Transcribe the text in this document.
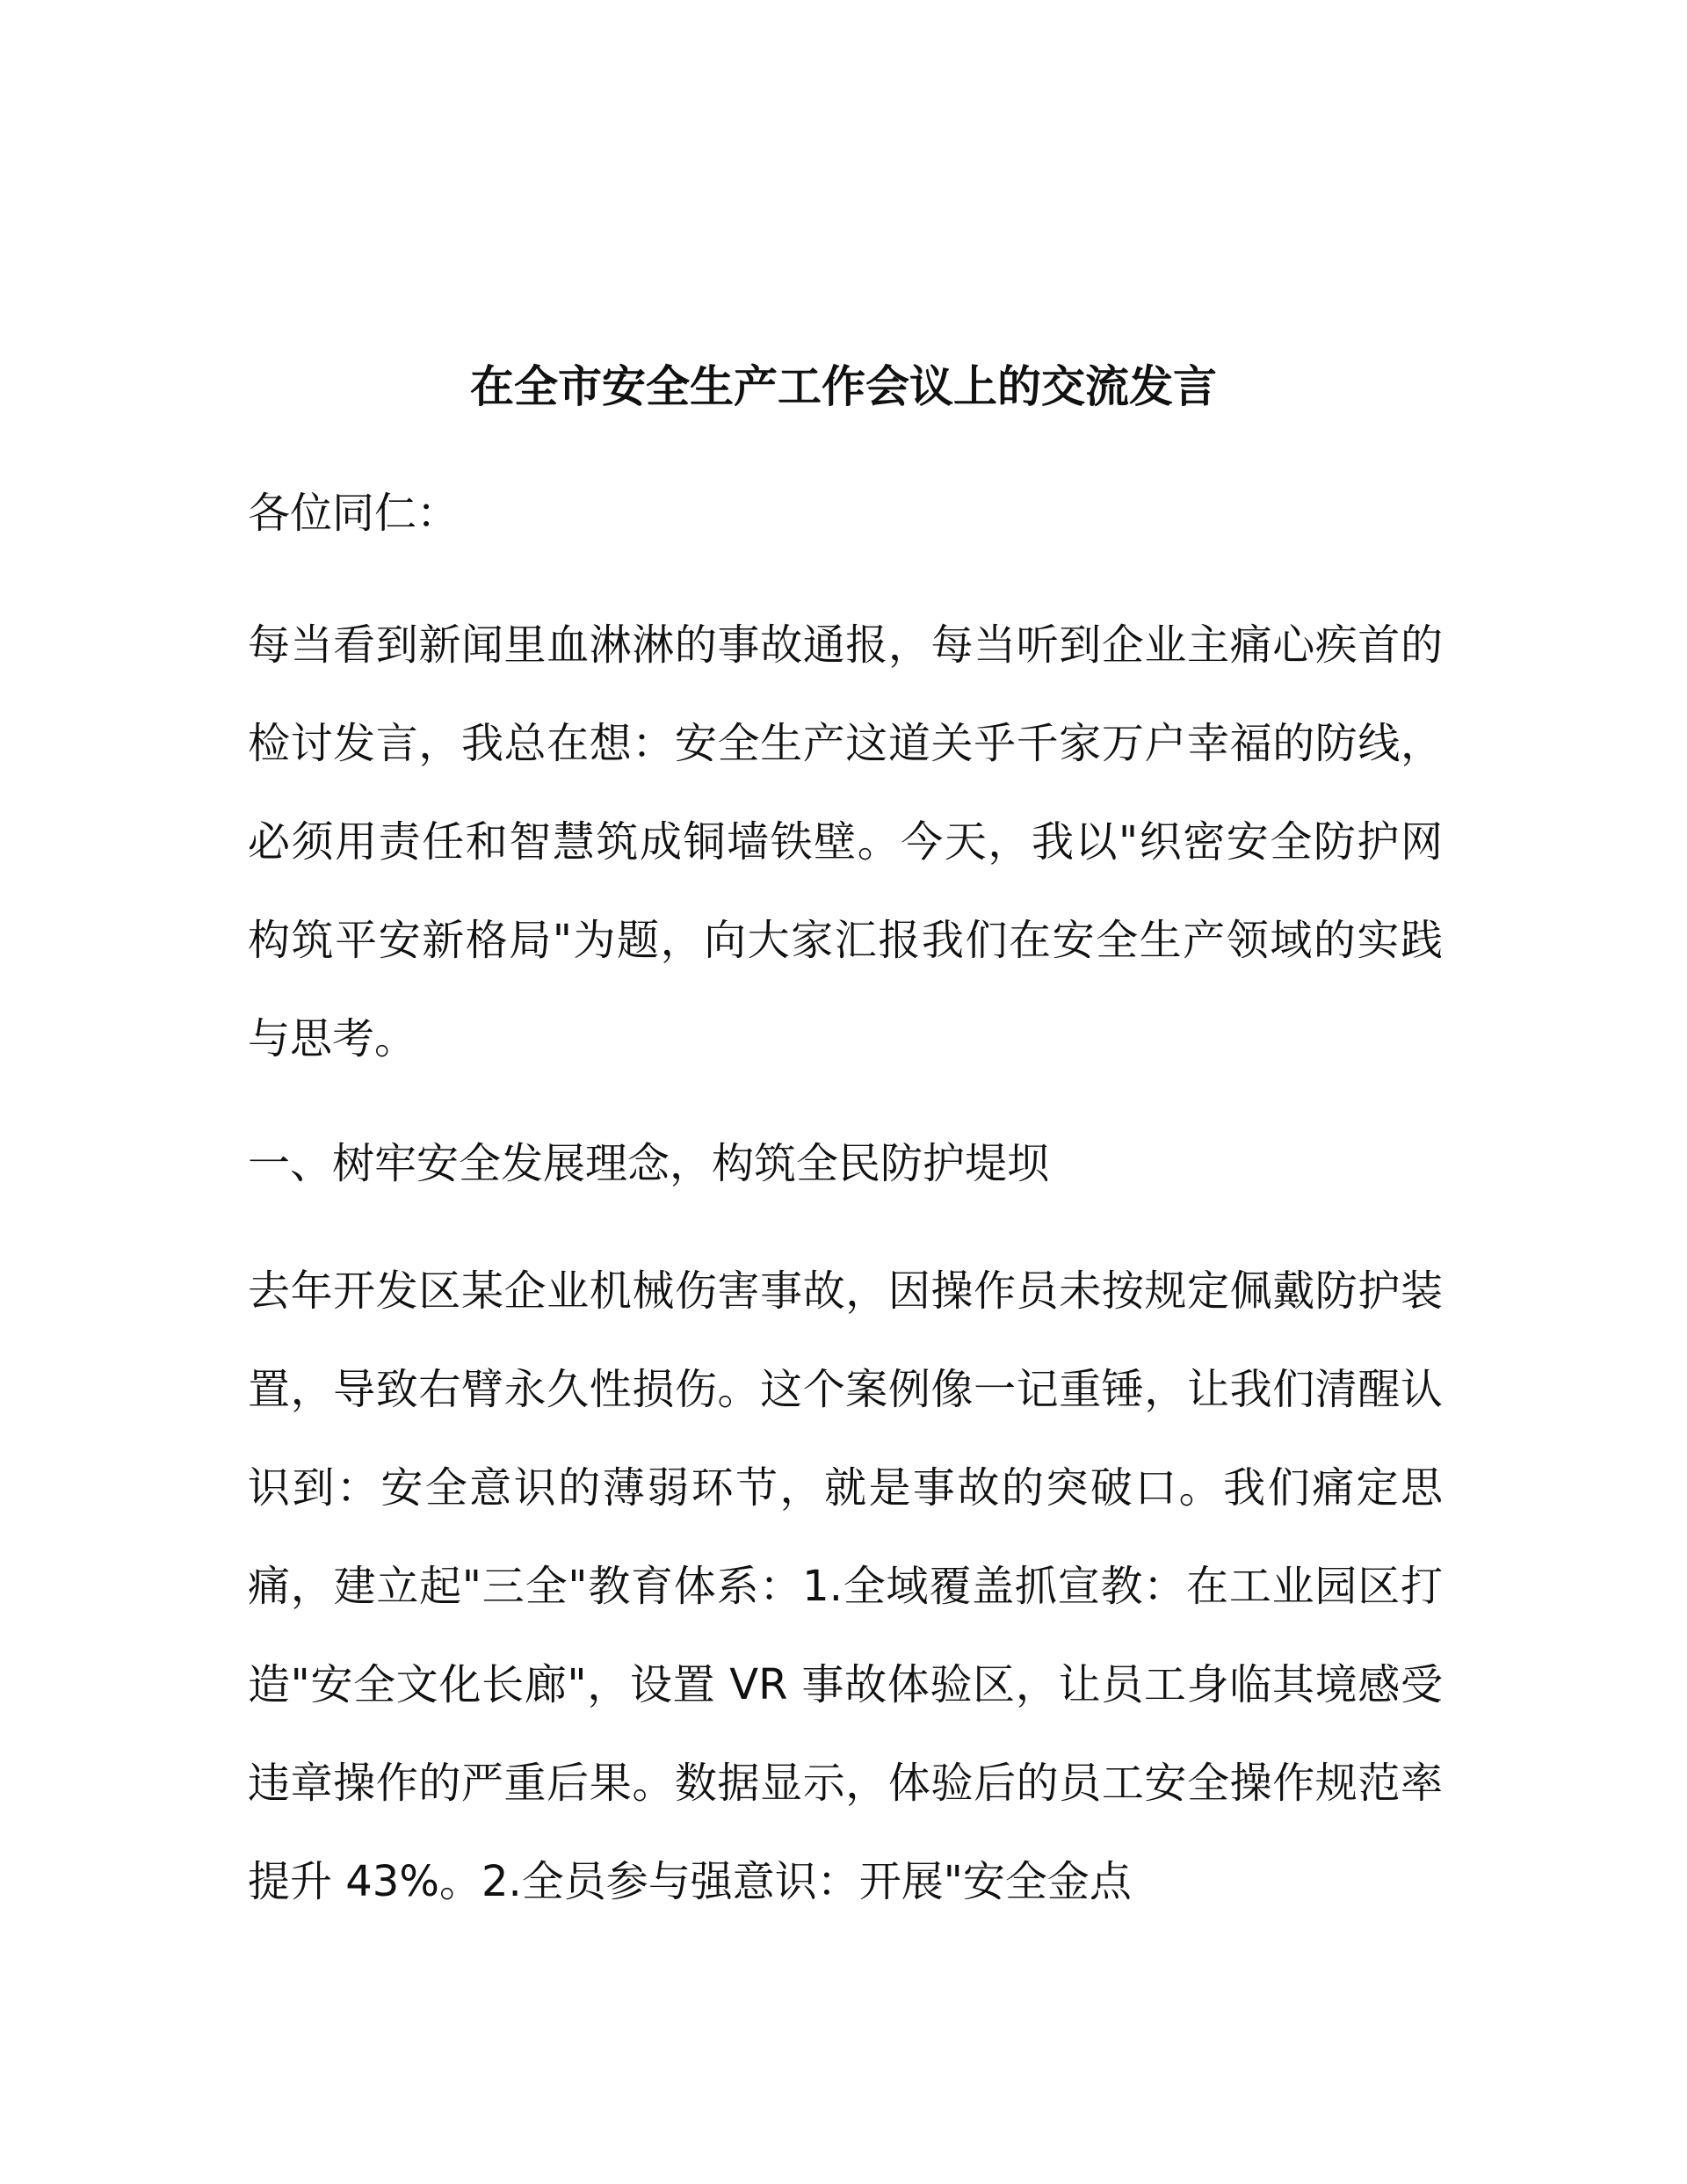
在全市安全生产工作会议上的交流发言

各位同仁：

每当看到新闻里血淋淋的事故通报，每当听到企业主痛心疾首的检讨发言，我总在想：安全生产这道关乎千家万户幸福的防线，必须用责任和智慧筑成铜墙铁壁。今天，我以"织密安全防护网构筑平安新格局"为题，向大家汇报我们在安全生产领域的实践与思考。

一、树牢安全发展理念，构筑全民防护堤坝

去年开发区某企业机械伤害事故，因操作员未按规定佩戴防护装置，导致右臂永久性损伤。这个案例像一记重锤，让我们清醒认识到：安全意识的薄弱环节，就是事故的突破口。我们痛定思痛，建立起"三全"教育体系：1.全域覆盖抓宣教：在工业园区打造"安全文化长廊"，设置 VR 事故体验区，让员工身临其境感受违章操作的严重后果。数据显示，体验后的员工安全操作规范率提升 43%。2.全员参与强意识：开展"安全金点
